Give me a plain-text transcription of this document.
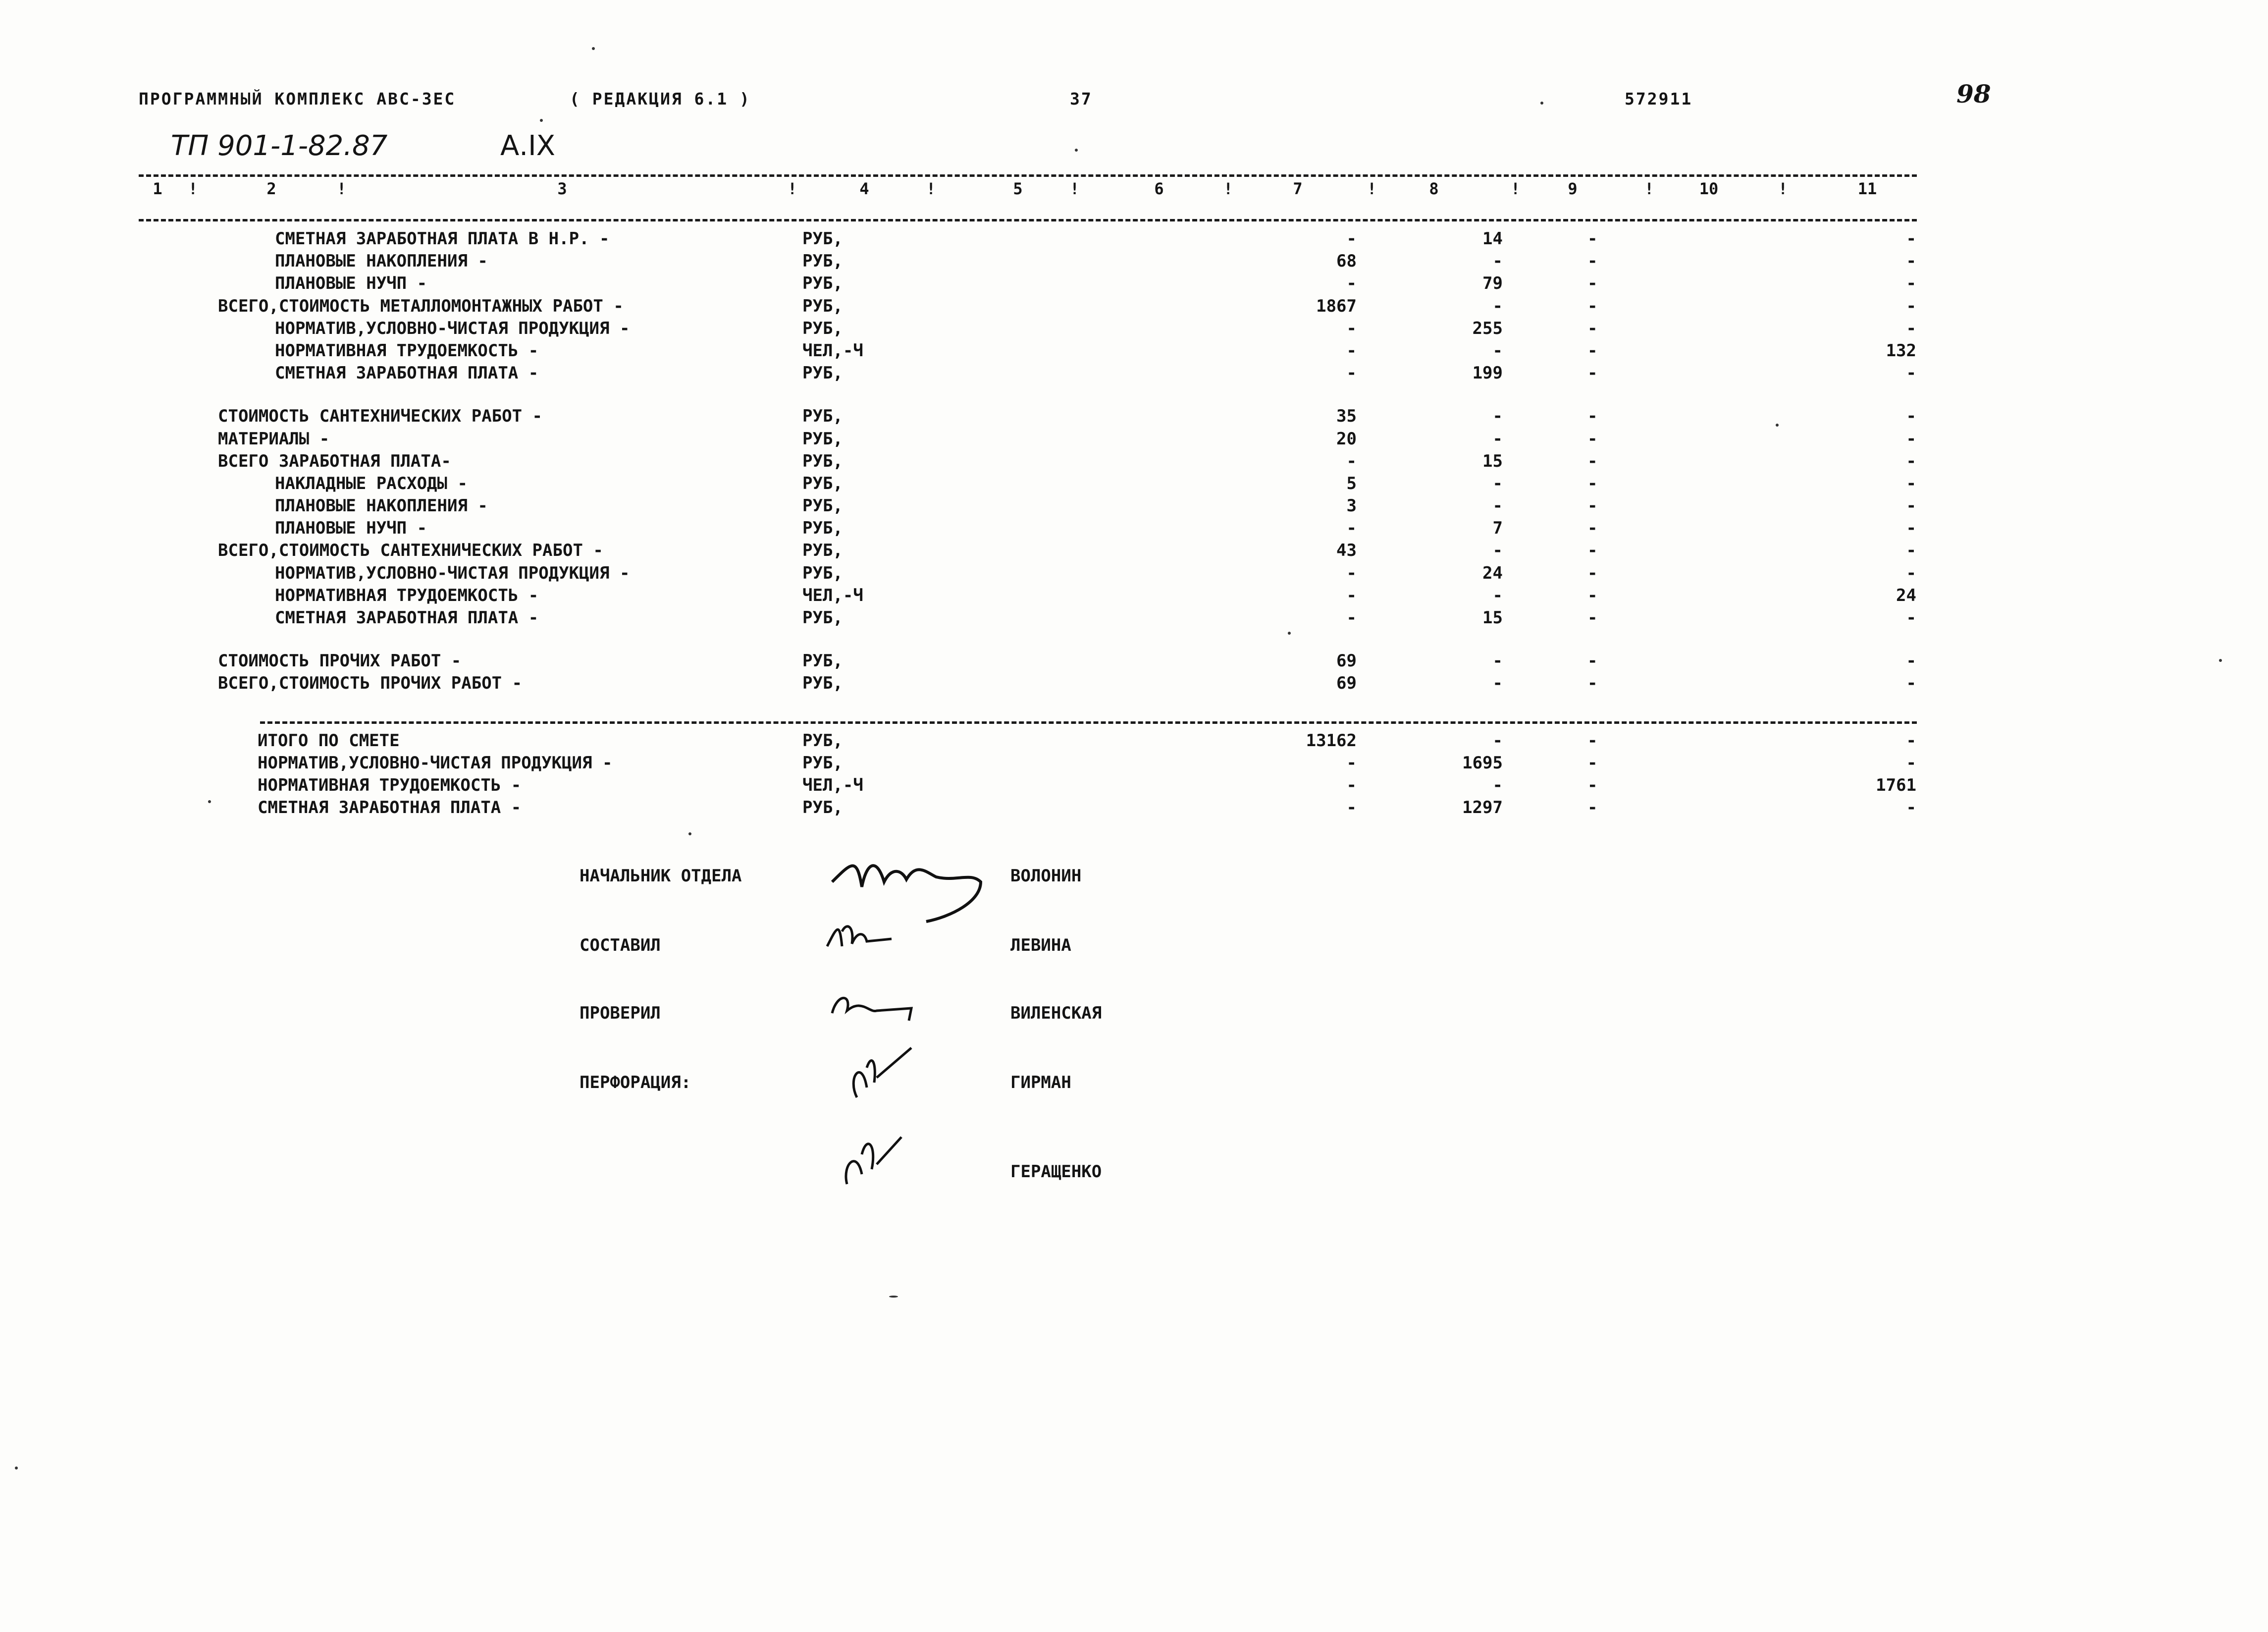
ПРОГРАММНЫЙ КОМПЛЕКС АВС-ЗЕС	( РЕДАКЦИЯ 6.1 )	37	572911	98
ТП 901-1-82.87	А.IX
1	2	3	4	5	6	7	8	9	10	11
!	!	!	!	!	!	!	!	!	!
СМЕТНАЯ ЗАРАБОТНАЯ ПЛАТА В Н.Р. -	РУБ,	-	14	-	-
ПЛАНОВЫЕ НАКОПЛЕНИЯ -	РУБ,	68	-	-	-
ПЛАНОВЫЕ НУЧП -	РУБ,	-	79	-	-
ВСЕГО,СТОИМОСТЬ МЕТАЛЛОМОНТАЖНЫХ РАБОТ -	РУБ,	1867	-	-	-
НОРМАТИВ,УСЛОВНО-ЧИСТАЯ ПРОДУКЦИЯ -	РУБ,	-	255	-	-
НОРМАТИВНАЯ ТРУДОЕМКОСТЬ -	ЧЕЛ,-Ч	-	-	-	132
СМЕТНАЯ ЗАРАБОТНАЯ ПЛАТА -	РУБ,	-	199	-	-
СТОИМОСТЬ САНТЕХНИЧЕСКИХ РАБОТ -	РУБ,	35	-	-	-
МАТЕРИАЛЫ -	РУБ,	20	-	-	-
ВСЕГО ЗАРАБОТНАЯ ПЛАТА-	РУБ,	-	15	-	-
НАКЛАДНЫЕ РАСХОДЫ -	РУБ,	5	-	-	-
ПЛАНОВЫЕ НАКОПЛЕНИЯ -	РУБ,	3	-	-	-
ПЛАНОВЫЕ НУЧП -	РУБ,	-	7	-	-
ВСЕГО,СТОИМОСТЬ САНТЕХНИЧЕСКИХ РАБОТ -	РУБ,	43	-	-	-
НОРМАТИВ,УСЛОВНО-ЧИСТАЯ ПРОДУКЦИЯ -	РУБ,	-	24	-	-
НОРМАТИВНАЯ ТРУДОЕМКОСТЬ -	ЧЕЛ,-Ч	-	-	-	24
СМЕТНАЯ ЗАРАБОТНАЯ ПЛАТА -	РУБ,	-	15	-	-
СТОИМОСТЬ ПРОЧИХ РАБОТ -	РУБ,	69	-	-	-
ВСЕГО,СТОИМОСТЬ ПРОЧИХ РАБОТ -	РУБ,	69	-	-	-
ИТОГО ПО СМЕТЕ	РУБ,	13162	-	-	-
НОРМАТИВ,УСЛОВНО-ЧИСТАЯ ПРОДУКЦИЯ -	РУБ,	-	1695	-	-
НОРМАТИВНАЯ ТРУДОЕМКОСТЬ -	ЧЕЛ,-Ч	-	-	-	1761
СМЕТНАЯ ЗАРАБОТНАЯ ПЛАТА -	РУБ,	-	1297	-	-
НАЧАЛЬНИК ОТДЕЛА	ВОЛОНИН
СОСТАВИЛ	ЛЕВИНА
ПРОВЕРИЛ	ВИЛЕНСКАЯ
ПЕРФОРАЦИЯ:	ГИРМАН
ГЕРАЩЕНКО
